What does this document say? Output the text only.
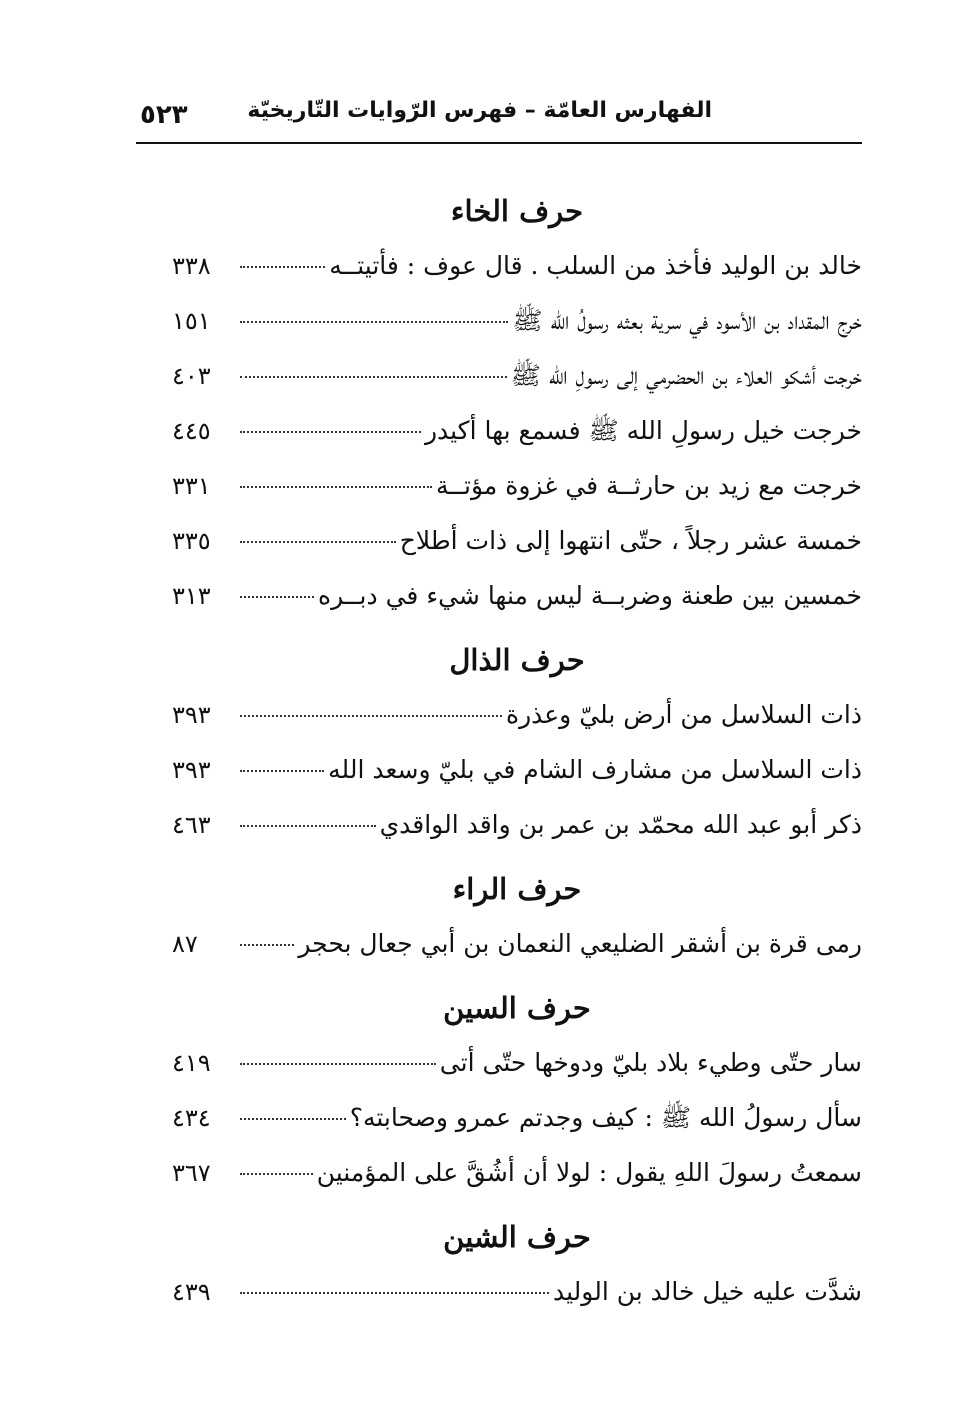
الفهارس العامّة – فهرس الرّوايات التّاريخيّة
٥٢٣
حرف الخاء
خالد بن الوليد فأخذ من السلب . قال عوف : فأتيتــه
٣٣٨
خرج المقداد بن الأسود في سرية بعثه رسولُ الله ﷺ
١٥١
خرجت أشكو العلاء بن الحضرمي إلى رسولِ الله ﷺ
٤٠٣
خرجت خيل رسولِ الله ﷺ فسمع بها أكيدر
٤٤٥
خرجت مع زيد بن حارثــة في غزوة مؤتــة
٣٣١
خمسة عشر رجلاً ، حتّى انتهوا إلى ذات أطلاح
٣٣٥
خمسين بين طعنة وضربــة ليس منها شيء في دبــره
٣١٣
حرف الذال
ذات السلاسل من أرض بليّ وعذرة
٣٩٣
ذات السلاسل من مشارف الشام في بليّ وسعد الله
٣٩٣
ذكر أبو عبد الله محمّد بن عمر بن واقد الواقدي
٤٦٣
حرف الراء
رمى قرة بن أشقر الضليعي النعمان بن أبي جعال بحجر
٨٧
حرف السين
سار حتّى وطيء بلاد بليّ ودوخها حتّى أتى
٤١٩
سأل رسولُ الله ﷺ : كيف وجدتم عمرو وصحابته؟
٤٣٤
سمعتُ رسولَ اللهِ يقول : لولا أن أشُقَّ على المؤمنين
٣٦٧
حرف الشين
شدَّت عليه خيل خالد بن الوليد
٤٣٩
